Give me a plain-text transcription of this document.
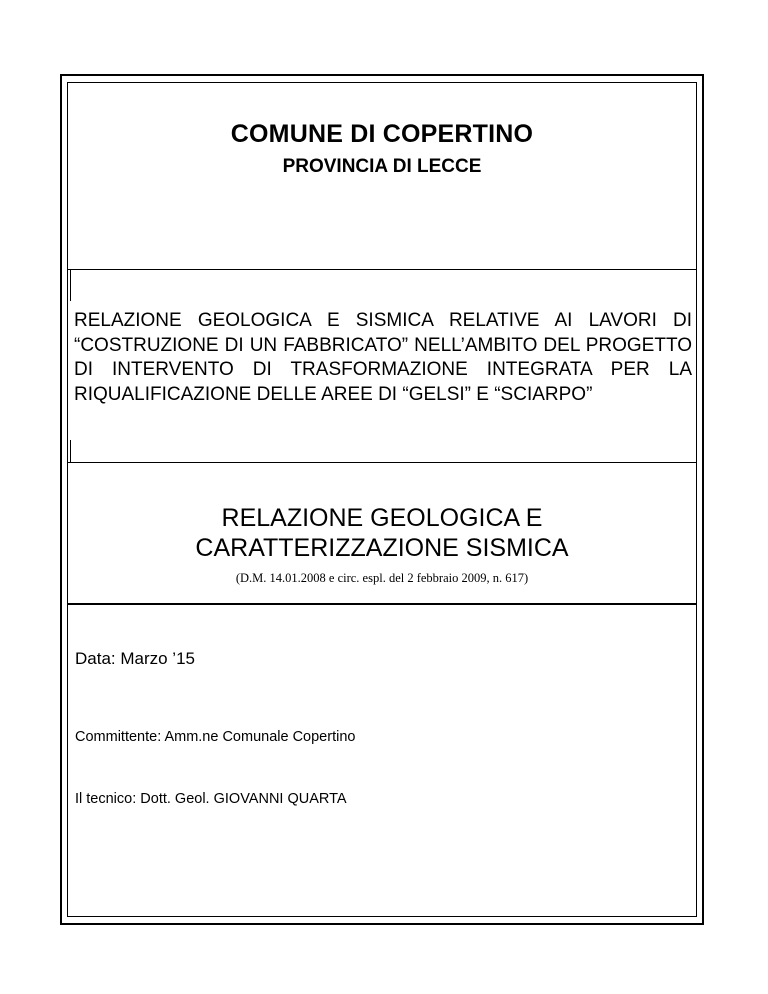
COMUNE DI COPERTINO
PROVINCIA DI LECCE

RELAZIONE GEOLOGICA E SISMICA RELATIVE AI LAVORI DI “COSTRUZIONE DI UN FABBRICATO” NELL’AMBITO DEL PROGETTO DI INTERVENTO DI TRASFORMAZIONE INTEGRATA PER LA RIQUALIFICAZIONE DELLE AREE DI “GELSI” E “SCIARPO”

RELAZIONE GEOLOGICA E
CARATTERIZZAZIONE SISMICA

(D.M. 14.01.2008 e circ. espl. del 2 febbraio 2009, n. 617)

Data: Marzo ’15

Committente: Amm.ne Comunale Copertino

Il tecnico: Dott. Geol. GIOVANNI QUARTA
